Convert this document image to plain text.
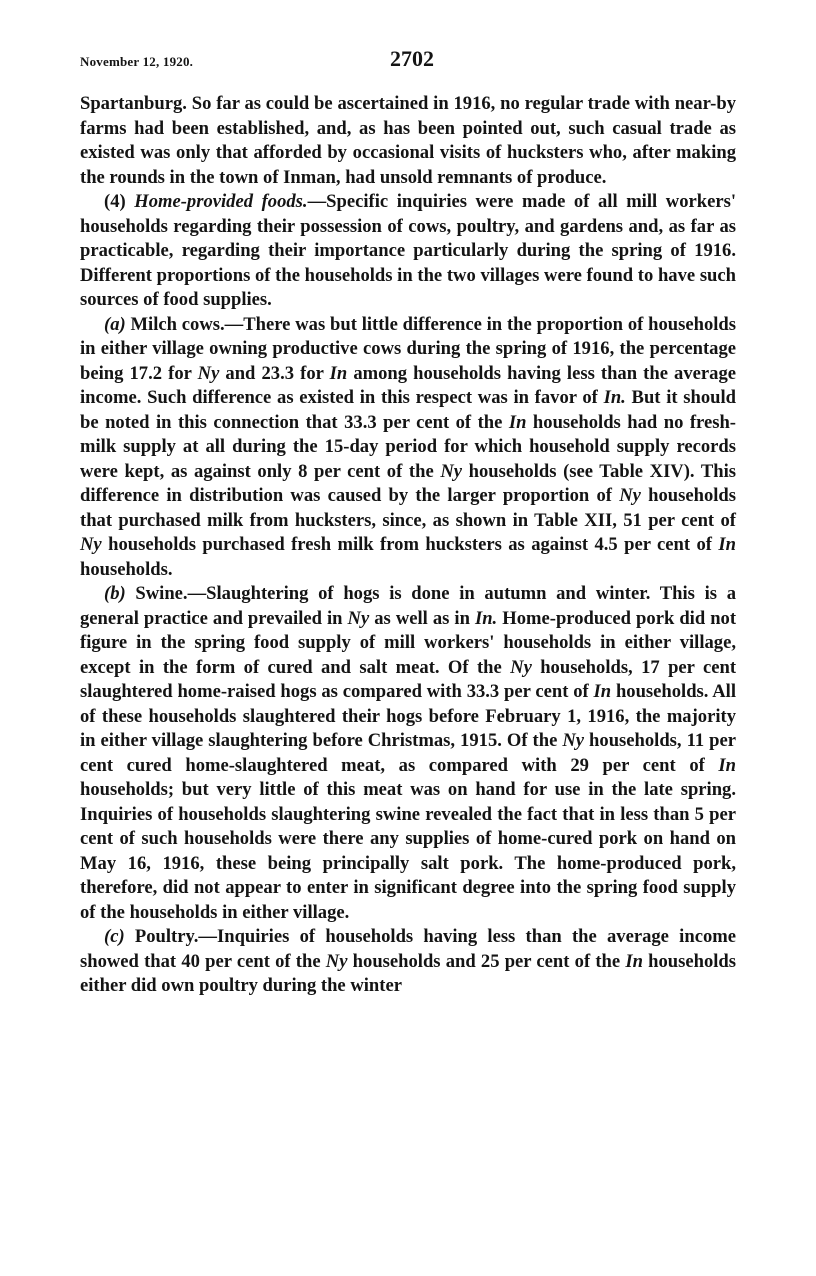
November 12, 1920.	2702

Spartanburg. So far as could be ascertained in 1916, no regular trade with near-by farms had been established, and, as has been pointed out, such casual trade as existed was only that afforded by occasional visits of hucksters who, after making the rounds in the town of Inman, had unsold remnants of produce.

(4) Home-provided foods.—Specific inquiries were made of all mill workers' households regarding their possession of cows, poultry, and gardens and, as far as practicable, regarding their importance particularly during the spring of 1916. Different proportions of the households in the two villages were found to have such sources of food supplies.

(a) Milch cows.—There was but little difference in the proportion of households in either village owning productive cows during the spring of 1916, the percentage being 17.2 for Ny and 23.3 for In among households having less than the average income. Such difference as existed in this respect was in favor of In. But it should be noted in this connection that 33.3 per cent of the In households had no fresh-milk supply at all during the 15-day period for which household supply records were kept, as against only 8 per cent of the Ny households (see Table XIV). This difference in distribution was caused by the larger proportion of Ny households that purchased milk from hucksters, since, as shown in Table XII, 51 per cent of Ny households purchased fresh milk from hucksters as against 4.5 per cent of In households.

(b) Swine.—Slaughtering of hogs is done in autumn and winter. This is a general practice and prevailed in Ny as well as in In. Home-produced pork did not figure in the spring food supply of mill workers' households in either village, except in the form of cured and salt meat. Of the Ny households, 17 per cent slaughtered home-raised hogs as compared with 33.3 per cent of In households. All of these households slaughtered their hogs before February 1, 1916, the majority in either village slaughtering before Christmas, 1915. Of the Ny households, 11 per cent cured home-slaughtered meat, as compared with 29 per cent of In households; but very little of this meat was on hand for use in the late spring. Inquiries of households slaughtering swine revealed the fact that in less than 5 per cent of such households were there any supplies of home-cured pork on hand on May 16, 1916, these being principally salt pork. The home-produced pork, therefore, did not appear to enter in significant degree into the spring food supply of the households in either village.

(c) Poultry.—Inquiries of households having less than the average income showed that 40 per cent of the Ny households and 25 per cent of the In households either did own poultry during the winter
